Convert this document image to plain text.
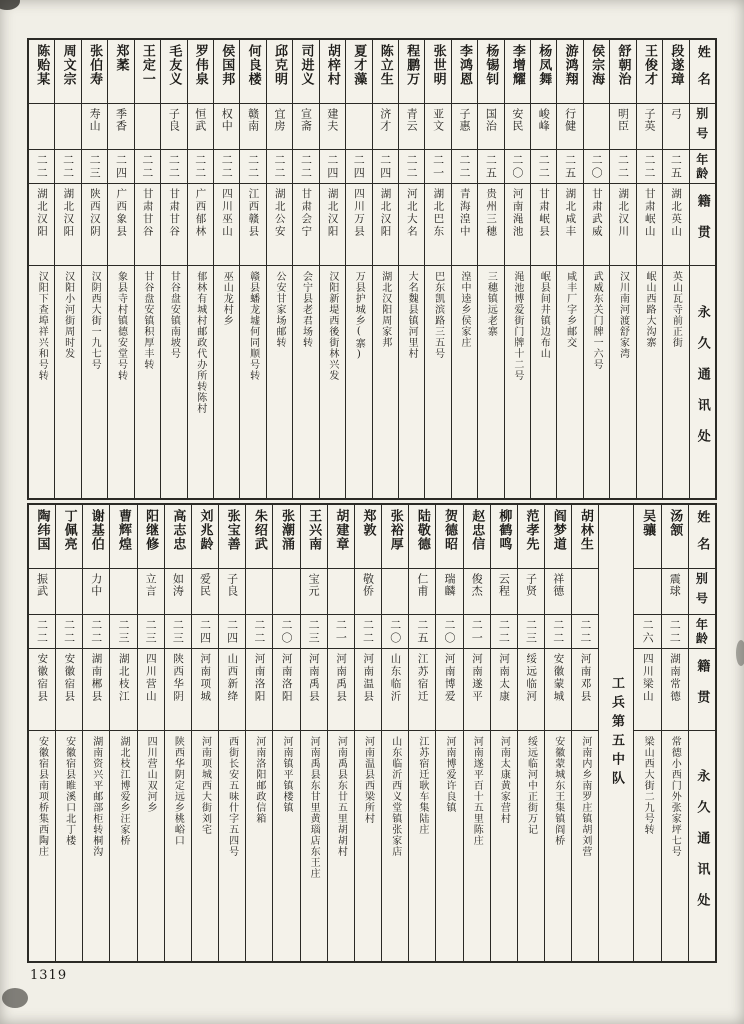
姓名
别号
年龄
籍贯
永久通讯处
段遂璋
弓
二五
湖北英山
英山瓦寺前正街
王俊才
子英
二二
甘肃岷山
岷山西路大沟寨
舒朝治
明臣
二二
湖北汉川
汉川南河渡舒家湾
侯宗海
二〇
甘肃武威
武威东关门牌一六号
游鸿翔
行健
二五
湖北咸丰
咸丰厂字乡邮交
杨凤舞
峻峰
二二
甘肃岷县
岷县间井镇边布山
李增耀
安民
二〇
河南渑池
渑池博爱街门牌十二号
杨锡钊
国治
二五
贵州三穗
三穗镇远老寨
李鸿恩
子惠
二二
青海湟中
湟中逵乡侯家庄
张世明
亚文
二一
湖北巴东
巴东凯滨路三五号
程鹏万
青云
二二
河北大名
大名魏县镇河里村
陈立生
济才
二四
湖北汉阳
湖北汉阳周家邦
夏才藻
二四
四川万县
万县护城乡(寨)
胡梓村
建夫
二四
湖北汉阳
汉阳新堤西後街林兴发
司进义
宣斋
二二
甘肃会宁
会宁县老君场转
邱克明
宜房
二二
湖北公安
公安甘家场邮转
何良楼
赣南
二二
江西赣县
赣县蟠龙墟何同顺号转
侯国邦
权中
二二
四川巫山
巫山龙村乡
罗伟泉
恒武
二二
广西郁林
郁林有城村邮政代办所转陈村
毛友义
子良
二二
甘肃甘谷
甘谷盘安镇南坡号
王定一
二二
甘肃甘谷
甘谷盘安镇积厚丰转
郑葇
季香
二四
广西象县
象县寺村镇德安堂号转
张伯寿
寿山
二三
陕西汉阴
汉阴西大街一九七号
周文宗
二二
湖北汉阳
汉阳小河街周时发
陈贻某
二二
湖北汉阳
汉阳下查埠祥兴和号转
姓名
别号
年龄
籍贯
永久通讯处
汤颔
震球
二二
湖南常德
常德小西门外张家坪七号
吴骧
二六
四川梁山
梁山西大街二九号转
工兵第五中队
胡林生
二二
河南邓县
河南内乡南罗庄镇胡刘营
阎梦道
祥德
二二
安徽蒙城
安徽蒙城东王集镇阎桥
范孝先
子贤
二三
绥远临河
绥远临河中正街万记
柳鹤鸣
云程
二二
河南太康
河南太康黄家营村
赵忠信
俊杰
二一
河南遂平
河南遂平百十五里陈庄
贺德昭
瑞麟
二〇
河南博爱
河南博爱许良镇
陆敬德
仁甫
二五
江苏宿迁
江苏宿迁耿车集陆庄
张裕厚
二〇
山东临沂
山东临沂西义堂镇张家店
郑敦
敬侨
二二
河南温县
河南温县西梁所村
胡建章
二一
河南禹县
河南禹县东廿五里胡胡村
王兴南
宝元
二三
河南禹县
河南禹县东甘里黄瑙店东王庄
张潮涌
二〇
河南洛阳
河南镇平镇楼镇
朱绍武
二二
河南洛阳
河南洛阳邮政信箱
张宝善
子良
二四
山西新绛
西街长安五味什字五四号
刘兆龄
爱民
二四
河南项城
河南项城西大街刘宅
高志忠
如涛
二三
陕西华阴
陕西华阴定远乡桃峪口
阳继修
立言
二三
四川营山
四川营山双河乡
曹辉煌
二三
湖北枝江
湖北枝江博爱乡汪家桥
谢基伯
力中
二二
湖南郴县
湖南资兴平邮部柜转桐沟
丁佩亮
二二
安徽宿县
安徽宿县睢溪口北丁楼
陶纬国
振武
二二
安徽宿县
安徽宿县南项桥集西陶庄
1319
